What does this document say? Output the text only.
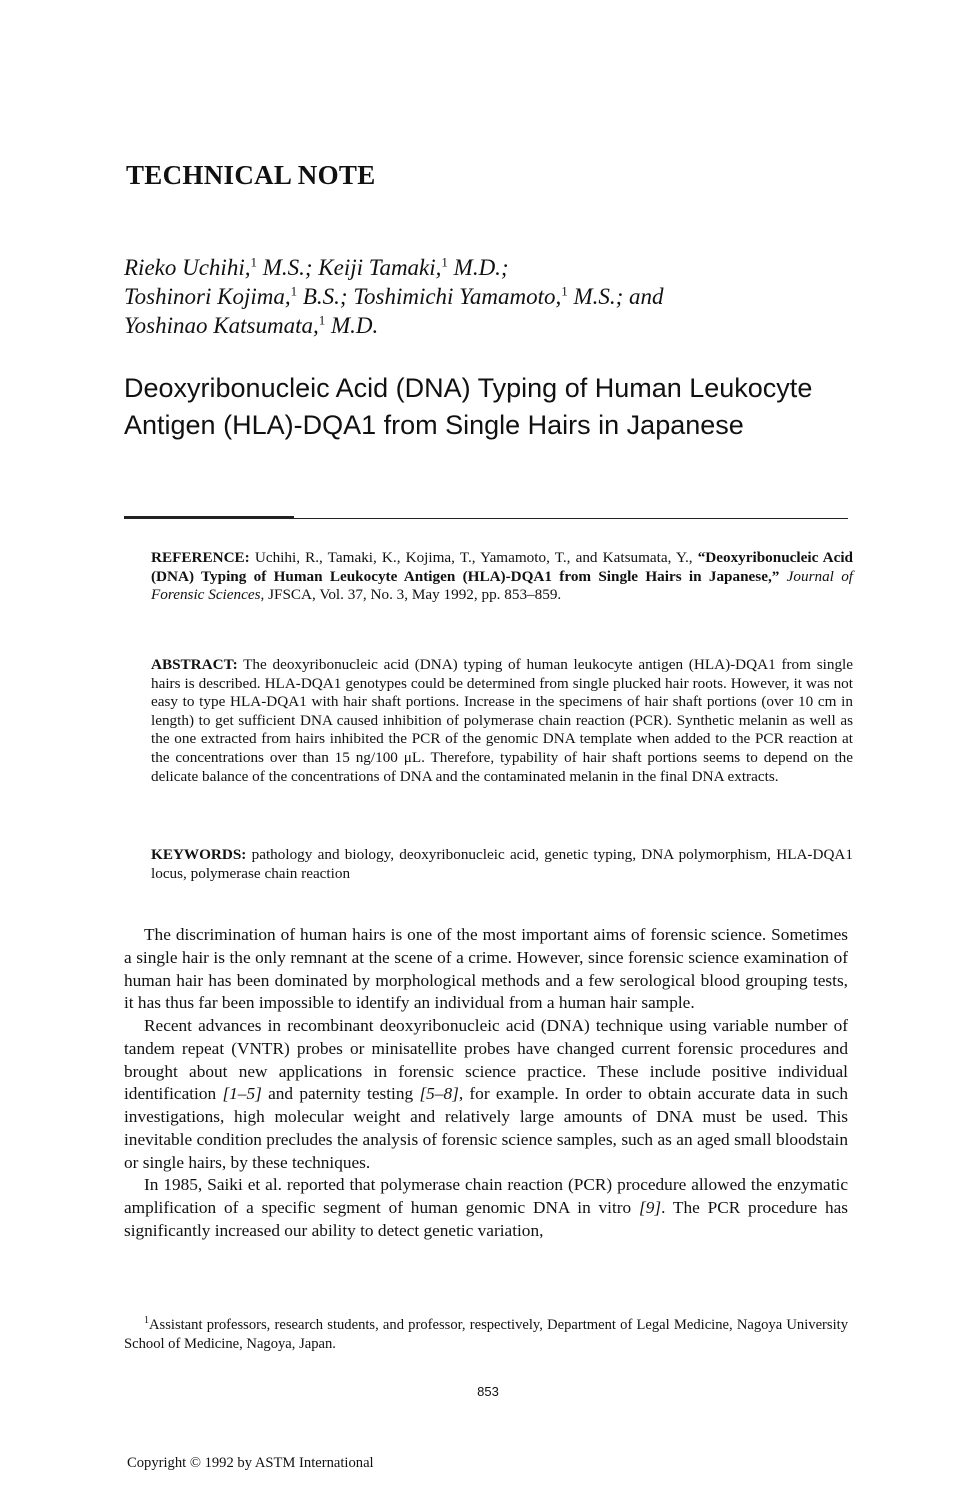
TECHNICAL NOTE
Rieko Uchihi,$^1$ M.S.; Keiji Tamaki,$^1$ M.D.;
Toshinori Kojima,$^1$ B.S.; Toshimichi Yamamoto,$^1$ M.S.; and
Yoshinao Katsumata,$^1$ M.D.
Deoxyribonucleic Acid (DNA) Typing of Human Leukocyte Antigen (HLA)-DQA1 from Single Hairs in Japanese
REFERENCE: Uchihi, R., Tamaki, K., Kojima, T., Yamamoto, T., and Katsumata, Y., “Deoxyribonucleic Acid (DNA) Typing of Human Leukocyte Antigen (HLA)-DQA1 from Single Hairs in Japanese,” Journal of Forensic Sciences, JFSCA, Vol. 37, No. 3, May 1992, pp. 853–859.
ABSTRACT: The deoxyribonucleic acid (DNA) typing of human leukocyte antigen (HLA)-DQA1 from single hairs is described. HLA-DQA1 genotypes could be determined from single plucked hair roots. However, it was not easy to type HLA-DQA1 with hair shaft portions. Increase in the specimens of hair shaft portions (over 10 cm in length) to get sufficient DNA caused inhibition of polymerase chain reaction (PCR). Synthetic melanin as well as the one extracted from hairs inhibited the PCR of the genomic DNA template when added to the PCR reaction at the concentrations over than 15 ng/100 μL. Therefore, typability of hair shaft portions seems to depend on the delicate balance of the concentrations of DNA and the contaminated melanin in the final DNA extracts.
KEYWORDS: pathology and biology, deoxyribonucleic acid, genetic typing, DNA polymorphism, HLA-DQA1 locus, polymerase chain reaction

The discrimination of human hairs is one of the most important aims of forensic science. Sometimes a single hair is the only remnant at the scene of a crime. However, since forensic science examination of human hair has been dominated by morphological methods and a few serological blood grouping tests, it has thus far been impossible to identify an individual from a human hair sample.

Recent advances in recombinant deoxyribonucleic acid (DNA) technique using variable number of tandem repeat (VNTR) probes or minisatellite probes have changed current forensic procedures and brought about new applications in forensic science practice. These include positive individual identification [1–5] and paternity testing [5–8], for example. In order to obtain accurate data in such investigations, high molecular weight and relatively large amounts of DNA must be used. This inevitable condition precludes the analysis of forensic science samples, such as an aged small bloodstain or single hairs, by these techniques.

In 1985, Saiki et al. reported that polymerase chain reaction (PCR) procedure allowed the enzymatic amplification of a specific segment of human genomic DNA in vitro [9]. The PCR procedure has significantly increased our ability to detect genetic variation,

$^1$Assistant professors, research students, and professor, respectively, Department of Legal Medicine, Nagoya University School of Medicine, Nagoya, Japan.
853
Copyright © 1992 by ASTM International
